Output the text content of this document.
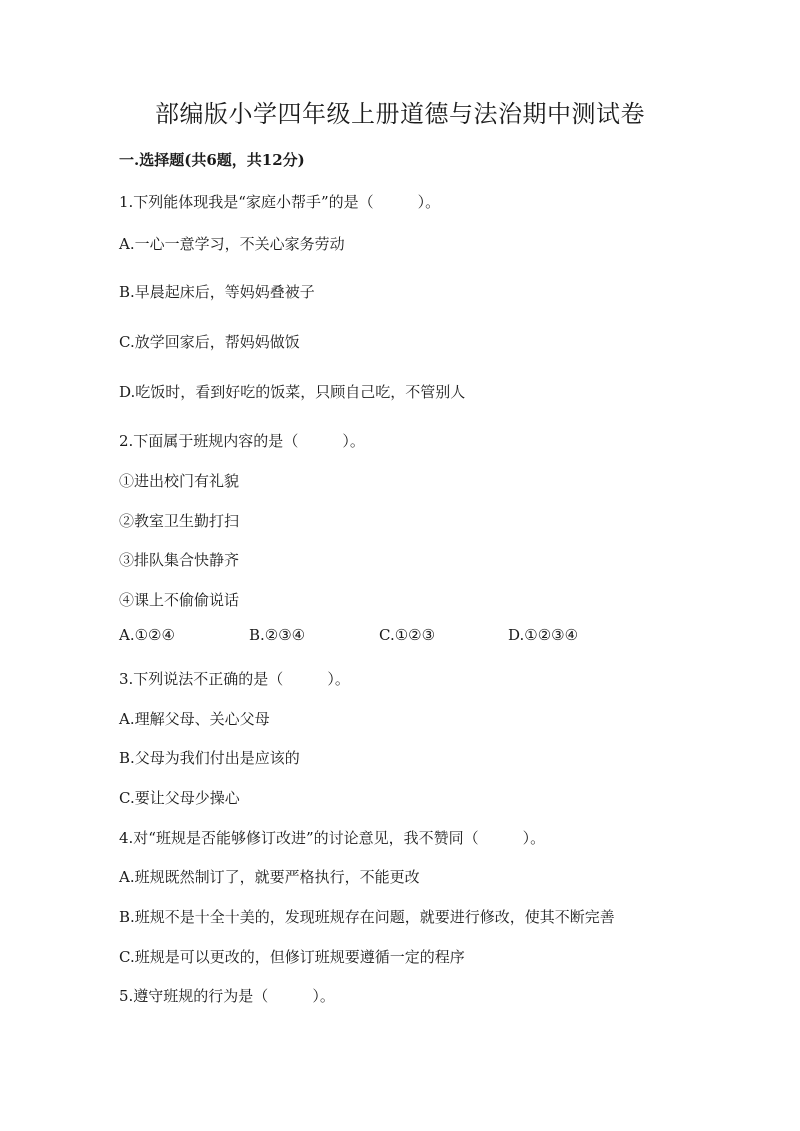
部编版小学四年级上册道德与法治期中测试卷
一.选择题(共6题，共12分)
1.下列能体现我是“家庭小帮手”的是（	）。
A.一心一意学习，不关心家务劳动
B.早晨起床后，等妈妈叠被子
C.放学回家后，帮妈妈做饭
D.吃饭时，看到好吃的饭菜，只顾自己吃，不管别人
2.下面属于班规内容的是（	）。
①进出校门有礼貌
②教室卫生勤打扫
③排队集合快静齐
④课上不偷偷说话
A.①②④	B.②③④	C.①②③	D.①②③④
3.下列说法不正确的是（	）。
A.理解父母、关心父母
B.父母为我们付出是应该的
C.要让父母少操心
4.对“班规是否能够修订改进”的讨论意见，我不赞同（	）。
A.班规既然制订了，就要严格执行，不能更改
B.班规不是十全十美的，发现班规存在问题，就要进行修改，使其不断完善
C.班规是可以更改的，但修订班规要遵循一定的程序
5.遵守班规的行为是（	）。
